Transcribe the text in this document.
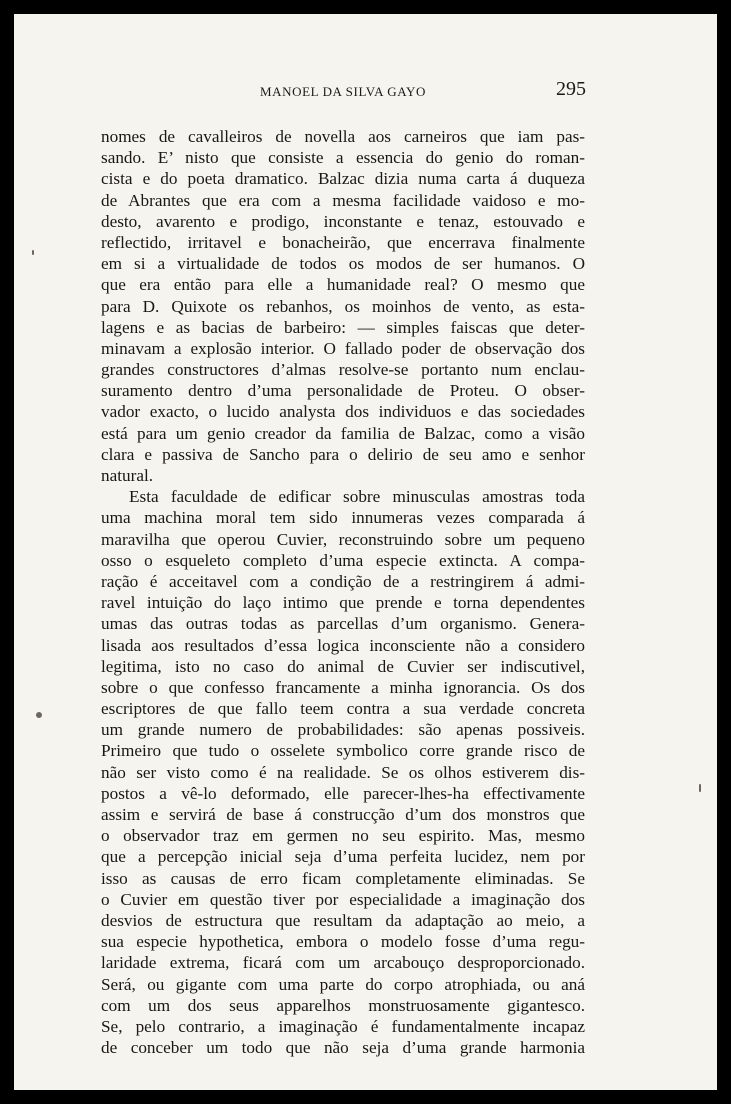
MANOEL DA SILVA GAYO	295
nomes de cavalleiros de novella aos carneiros que iam pas-
sando. E’ nisto que consiste a essencia do genio do roman-
cista e do poeta dramatico. Balzac dizia numa carta á duqueza
de Abrantes que era com a mesma facilidade vaidoso e mo-
desto, avarento e prodigo, inconstante e tenaz, estouvado e
reflectido, irritavel e bonacheirão, que encerrava finalmente
em si a virtualidade de todos os modos de ser humanos. O
que era então para elle a humanidade real? O mesmo que
para D. Quixote os rebanhos, os moinhos de vento, as esta-
lagens e as bacias de barbeiro: — simples faiscas que deter-
minavam a explosão interior. O fallado poder de observação dos
grandes constructores d’almas resolve-se portanto num enclau-
suramento dentro d’uma personalidade de Proteu. O obser-
vador exacto, o lucido analysta dos individuos e das sociedades
está para um genio creador da familia de Balzac, como a visão
clara e passiva de Sancho para o delirio de seu amo e senhor
natural.
Esta faculdade de edificar sobre minusculas amostras toda
uma machina moral tem sido innumeras vezes comparada á
maravilha que operou Cuvier, reconstruindo sobre um pequeno
osso o esqueleto completo d’uma especie extincta. A compa-
ração é acceitavel com a condição de a restringirem á admi-
ravel intuição do laço intimo que prende e torna dependentes
umas das outras todas as parcellas d’um organismo. Genera-
lisada aos resultados d’essa logica inconsciente não a considero
legitima, isto no caso do animal de Cuvier ser indiscutivel,
sobre o que confesso francamente a minha ignorancia. Os dos
escriptores de que fallo teem contra a sua verdade concreta
um grande numero de probabilidades: são apenas possiveis.
Primeiro que tudo o osselete symbolico corre grande risco de
não ser visto como é na realidade. Se os olhos estiverem dis-
postos a vê-lo deformado, elle parecer-lhes-ha effectivamente
assim e servirá de base á construcção d’um dos monstros que
o observador traz em germen no seu espirito. Mas, mesmo
que a percepção inicial seja d’uma perfeita lucidez, nem por
isso as causas de erro ficam completamente eliminadas. Se
o Cuvier em questão tiver por especialidade a imaginação dos
desvios de estructura que resultam da adaptação ao meio, a
sua especie hypothetica, embora o modelo fosse d’uma regu-
laridade extrema, ficará com um arcabouço desproporcionado.
Será, ou gigante com uma parte do corpo atrophiada, ou aná
com um dos seus apparelhos monstruosamente gigantesco.
Se, pelo contrario, a imaginação é fundamentalmente incapaz
de conceber um todo que não seja d’uma grande harmonia
